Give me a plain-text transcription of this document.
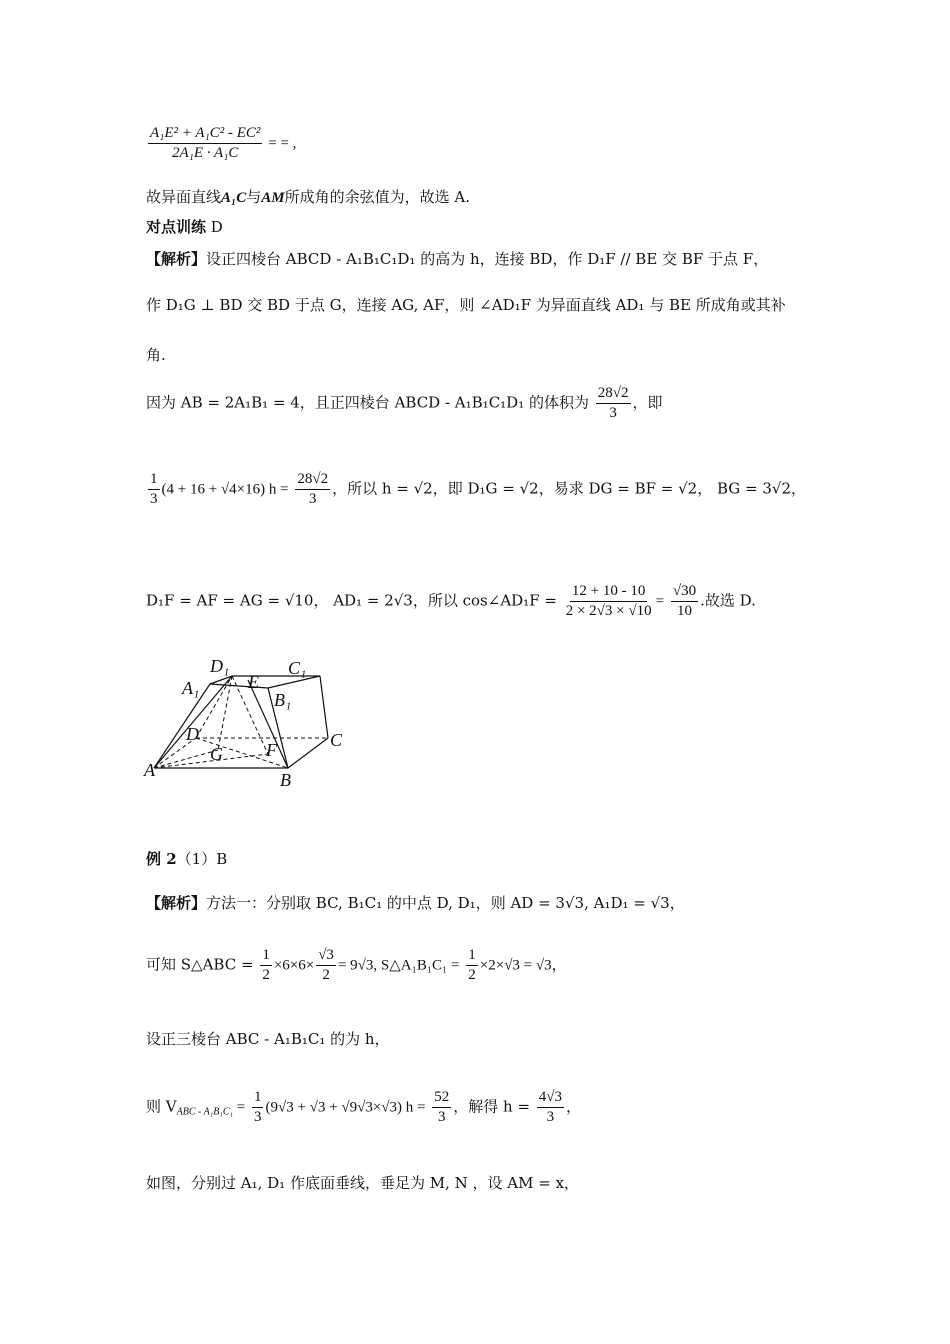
$\frac{\text{A₁E² + A₁C² - EC²}}{\text{2A₁E · A₁C}}$ = = ,
故异面直线A₁C与AM所成角的余弦值为，故选 A.
对点训练 D
【解析】设正四棱台 ABCD - A₁B₁C₁D₁ 的高为 h，连接 BD，作 D₁F // BE 交 BF 于点 F，
作 D₁G ⊥ BD 交 BD 于点 G，连接 AG, AF，则 ∠AD₁F 为异面直线 AD₁ 与 BE 所成角或其补
角.
因为 AB = 2A₁B₁ = 4，且正四棱台 ABCD - A₁B₁C₁D₁ 的体积为 $\frac{28√2}{3}$ ，即
$\frac{1}{3} (4 + 16 + √4\times 16) h = \frac{28√2}{3}$ ，所以 h = √2，即 D₁G = √2，易求 DG = BF = √2， BG = 3√2，
D₁F = AF = AG = √10， AD₁ = 2√3，所以 cos∠AD₁F = $\frac{12 + 10 - 10}{2 \times 2√3 \times √10} = \frac{√30}{10}$ .故选 D.
D₁	C₁
A₁	E
B₁
D	C
G F
A	B
例 2（1）B
【解析】方法一：分别取 BC, B₁C₁ 的中点 D, D₁，则 AD = 3√3, A₁D₁ = √3，
可知 S△ABC = $\frac{1}{2} \times 6\times 6\times \frac{√3}{2} = 9√3$, S△A₁B₁C₁ = $\frac{1}{2} \times 2\times√3 = √3$，
设正三棱台 ABC - A₁B₁C₁ 的为 h，
则 $V_{ABC - A_1B_1C_1} = \frac{1}{3} (9√3 + √3 + √9√3\times√3) h = \frac{52}{3}$ ，解得 $h = \frac{4√3}{3}$ ，
如图，分别过 A₁, D₁ 作底面垂线，垂足为 M, N ，设 AM = x，
